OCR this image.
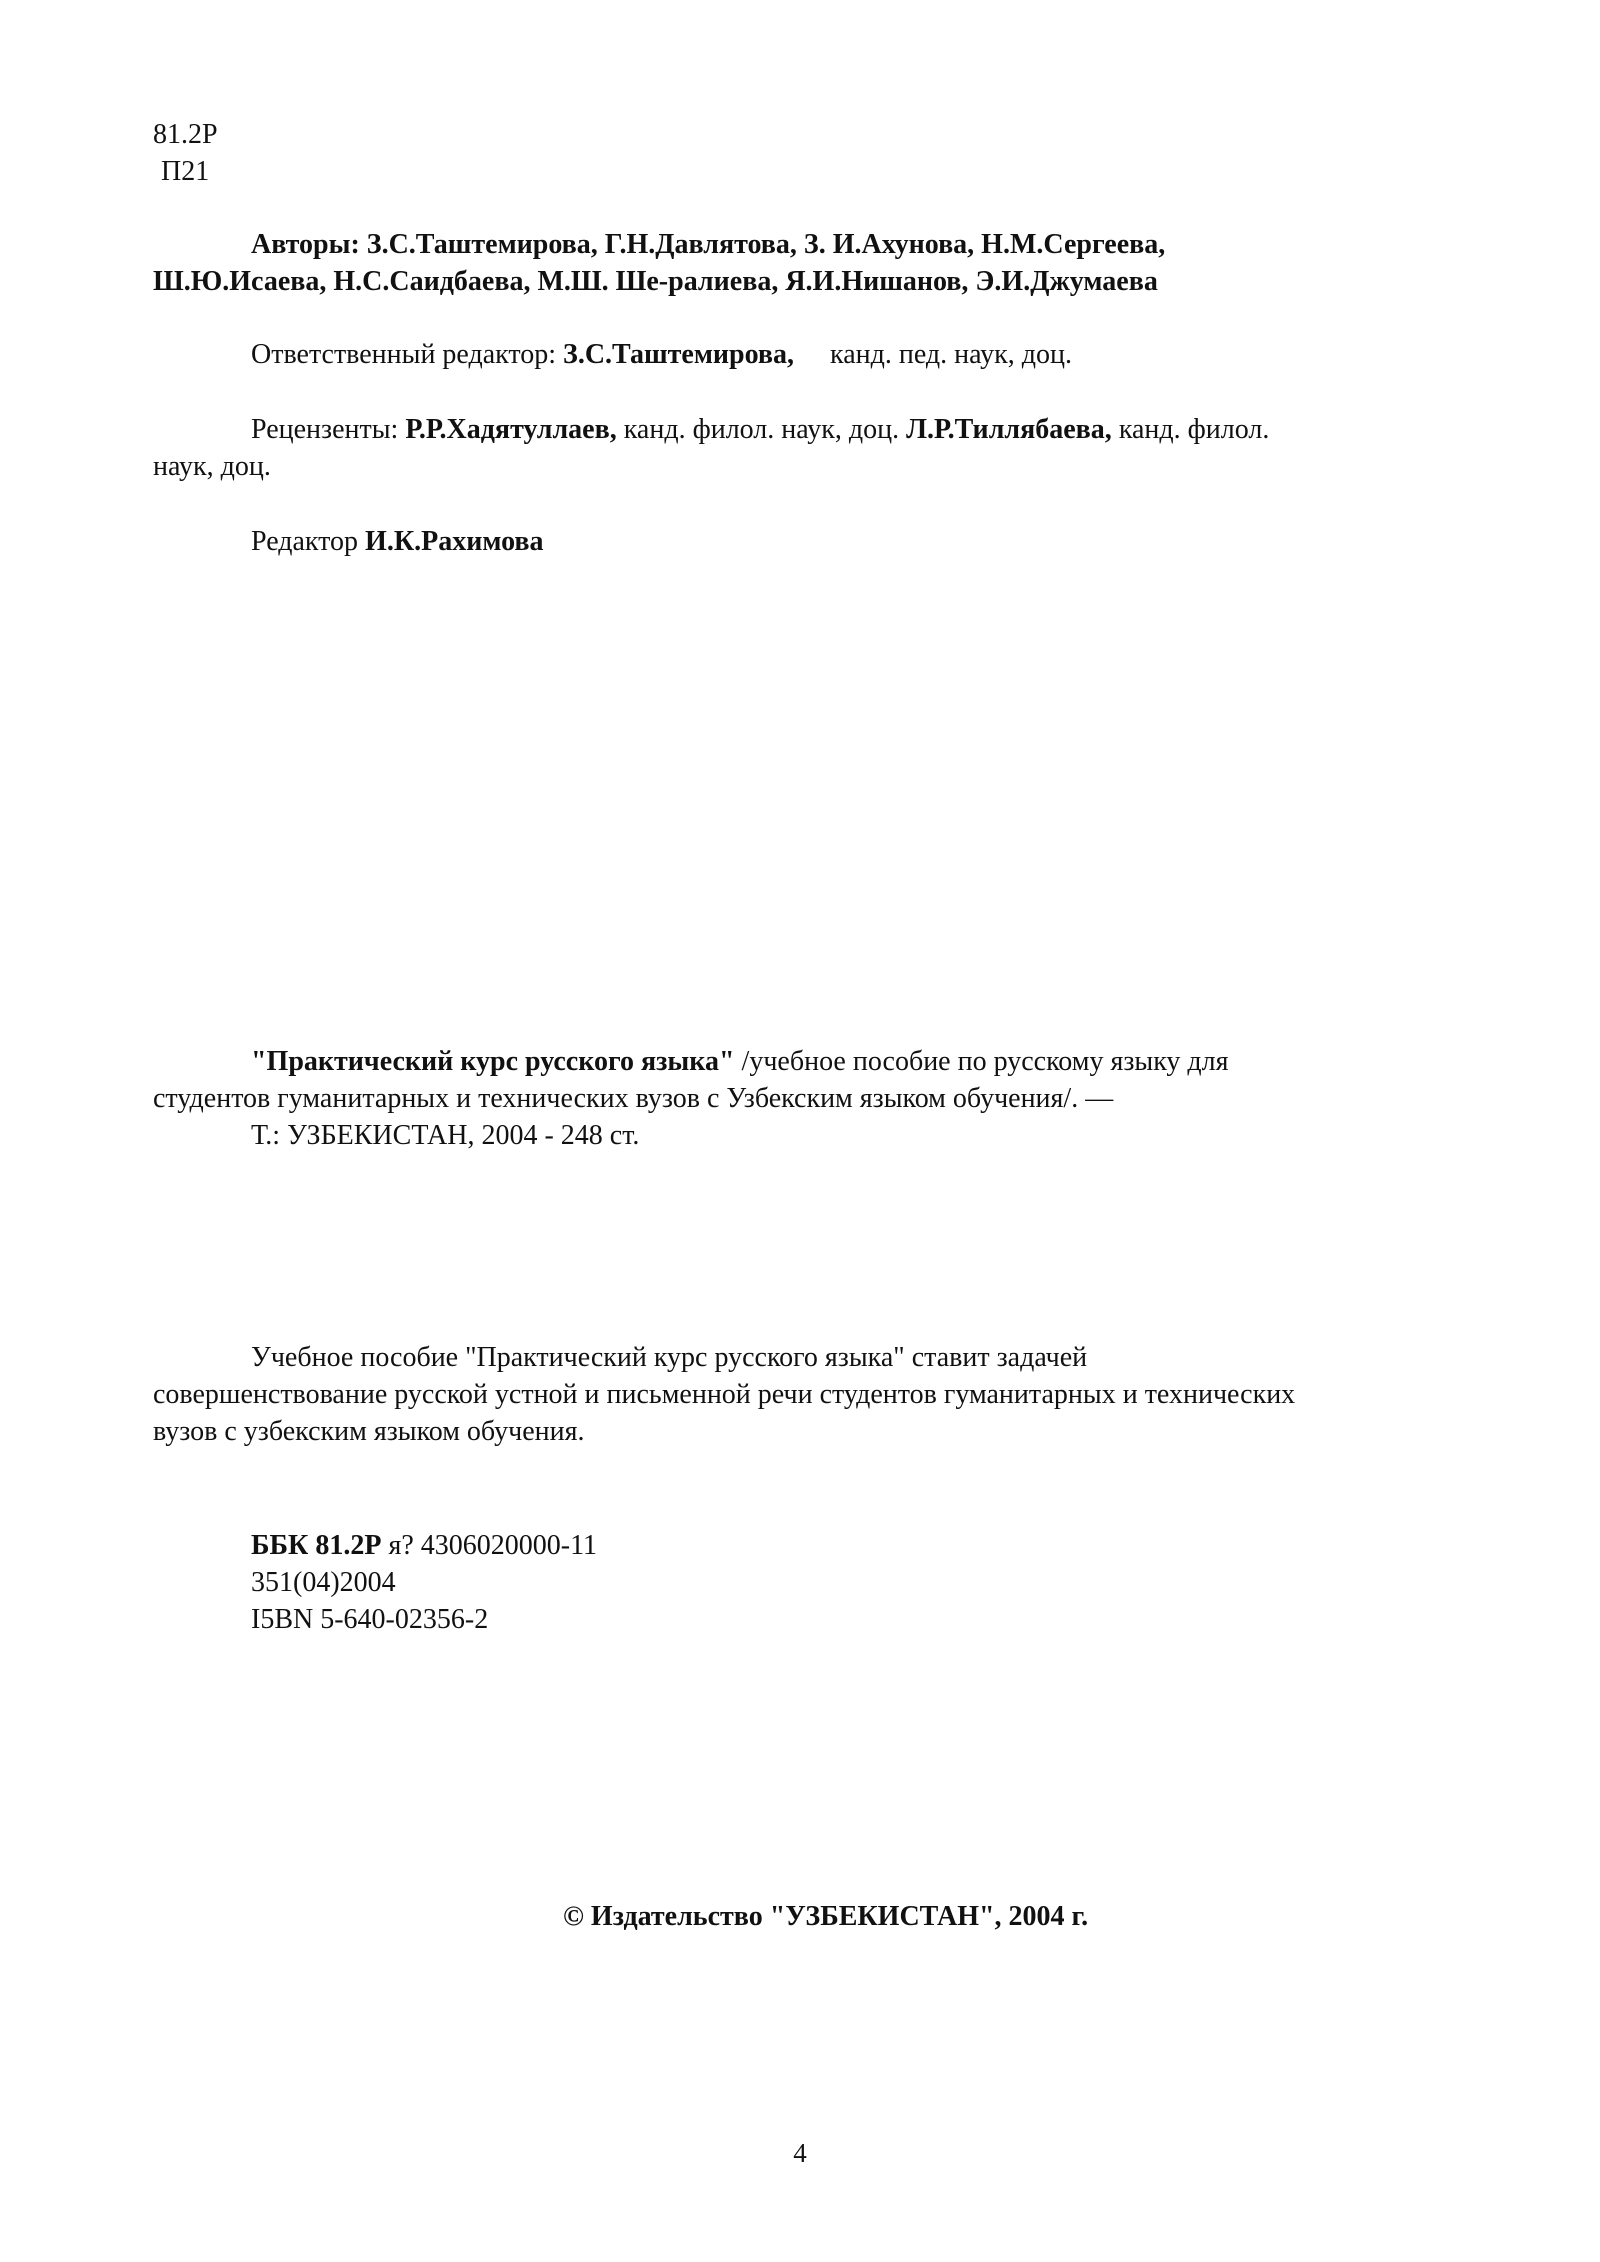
81.2Р
П21
Авторы: З.С.Таштемирова, Г.Н.Давлятова, З. И.Ахунова, Н.М.Сергеева,
Ш.Ю.Исаева, Н.С.Саидбаева, М.Ш. Ше-ралиева, Я.И.Нишанов, Э.И.Джумаева
Ответственный редактор: З.С.Таштемирова, канд. пед. наук, доц.
Рецензенты: Р.Р.Хадятуллаев, канд. филол. наук, доц. Л.Р.Тиллябаева, канд. филол.
наук, доц.
Редактор И.К.Рахимова
"Практический курс русского языка" /учебное пособие по русскому языку для
студентов гуманитарных и технических вузов с Узбекским языком обучения/. —
Т.: УЗБЕКИСТАН, 2004 - 248 ст.
Учебное пособие "Практический курс русского языка" ставит задачей
совершенствование русской устной и письменной речи студентов гуманитарных и технических
вузов с узбекским языком обучения.
ББК 81.2Р я? 4306020000-11
351(04)2004
I5BN 5-640-02356-2
© Издательство "УЗБЕКИСТАН", 2004 г.
4
